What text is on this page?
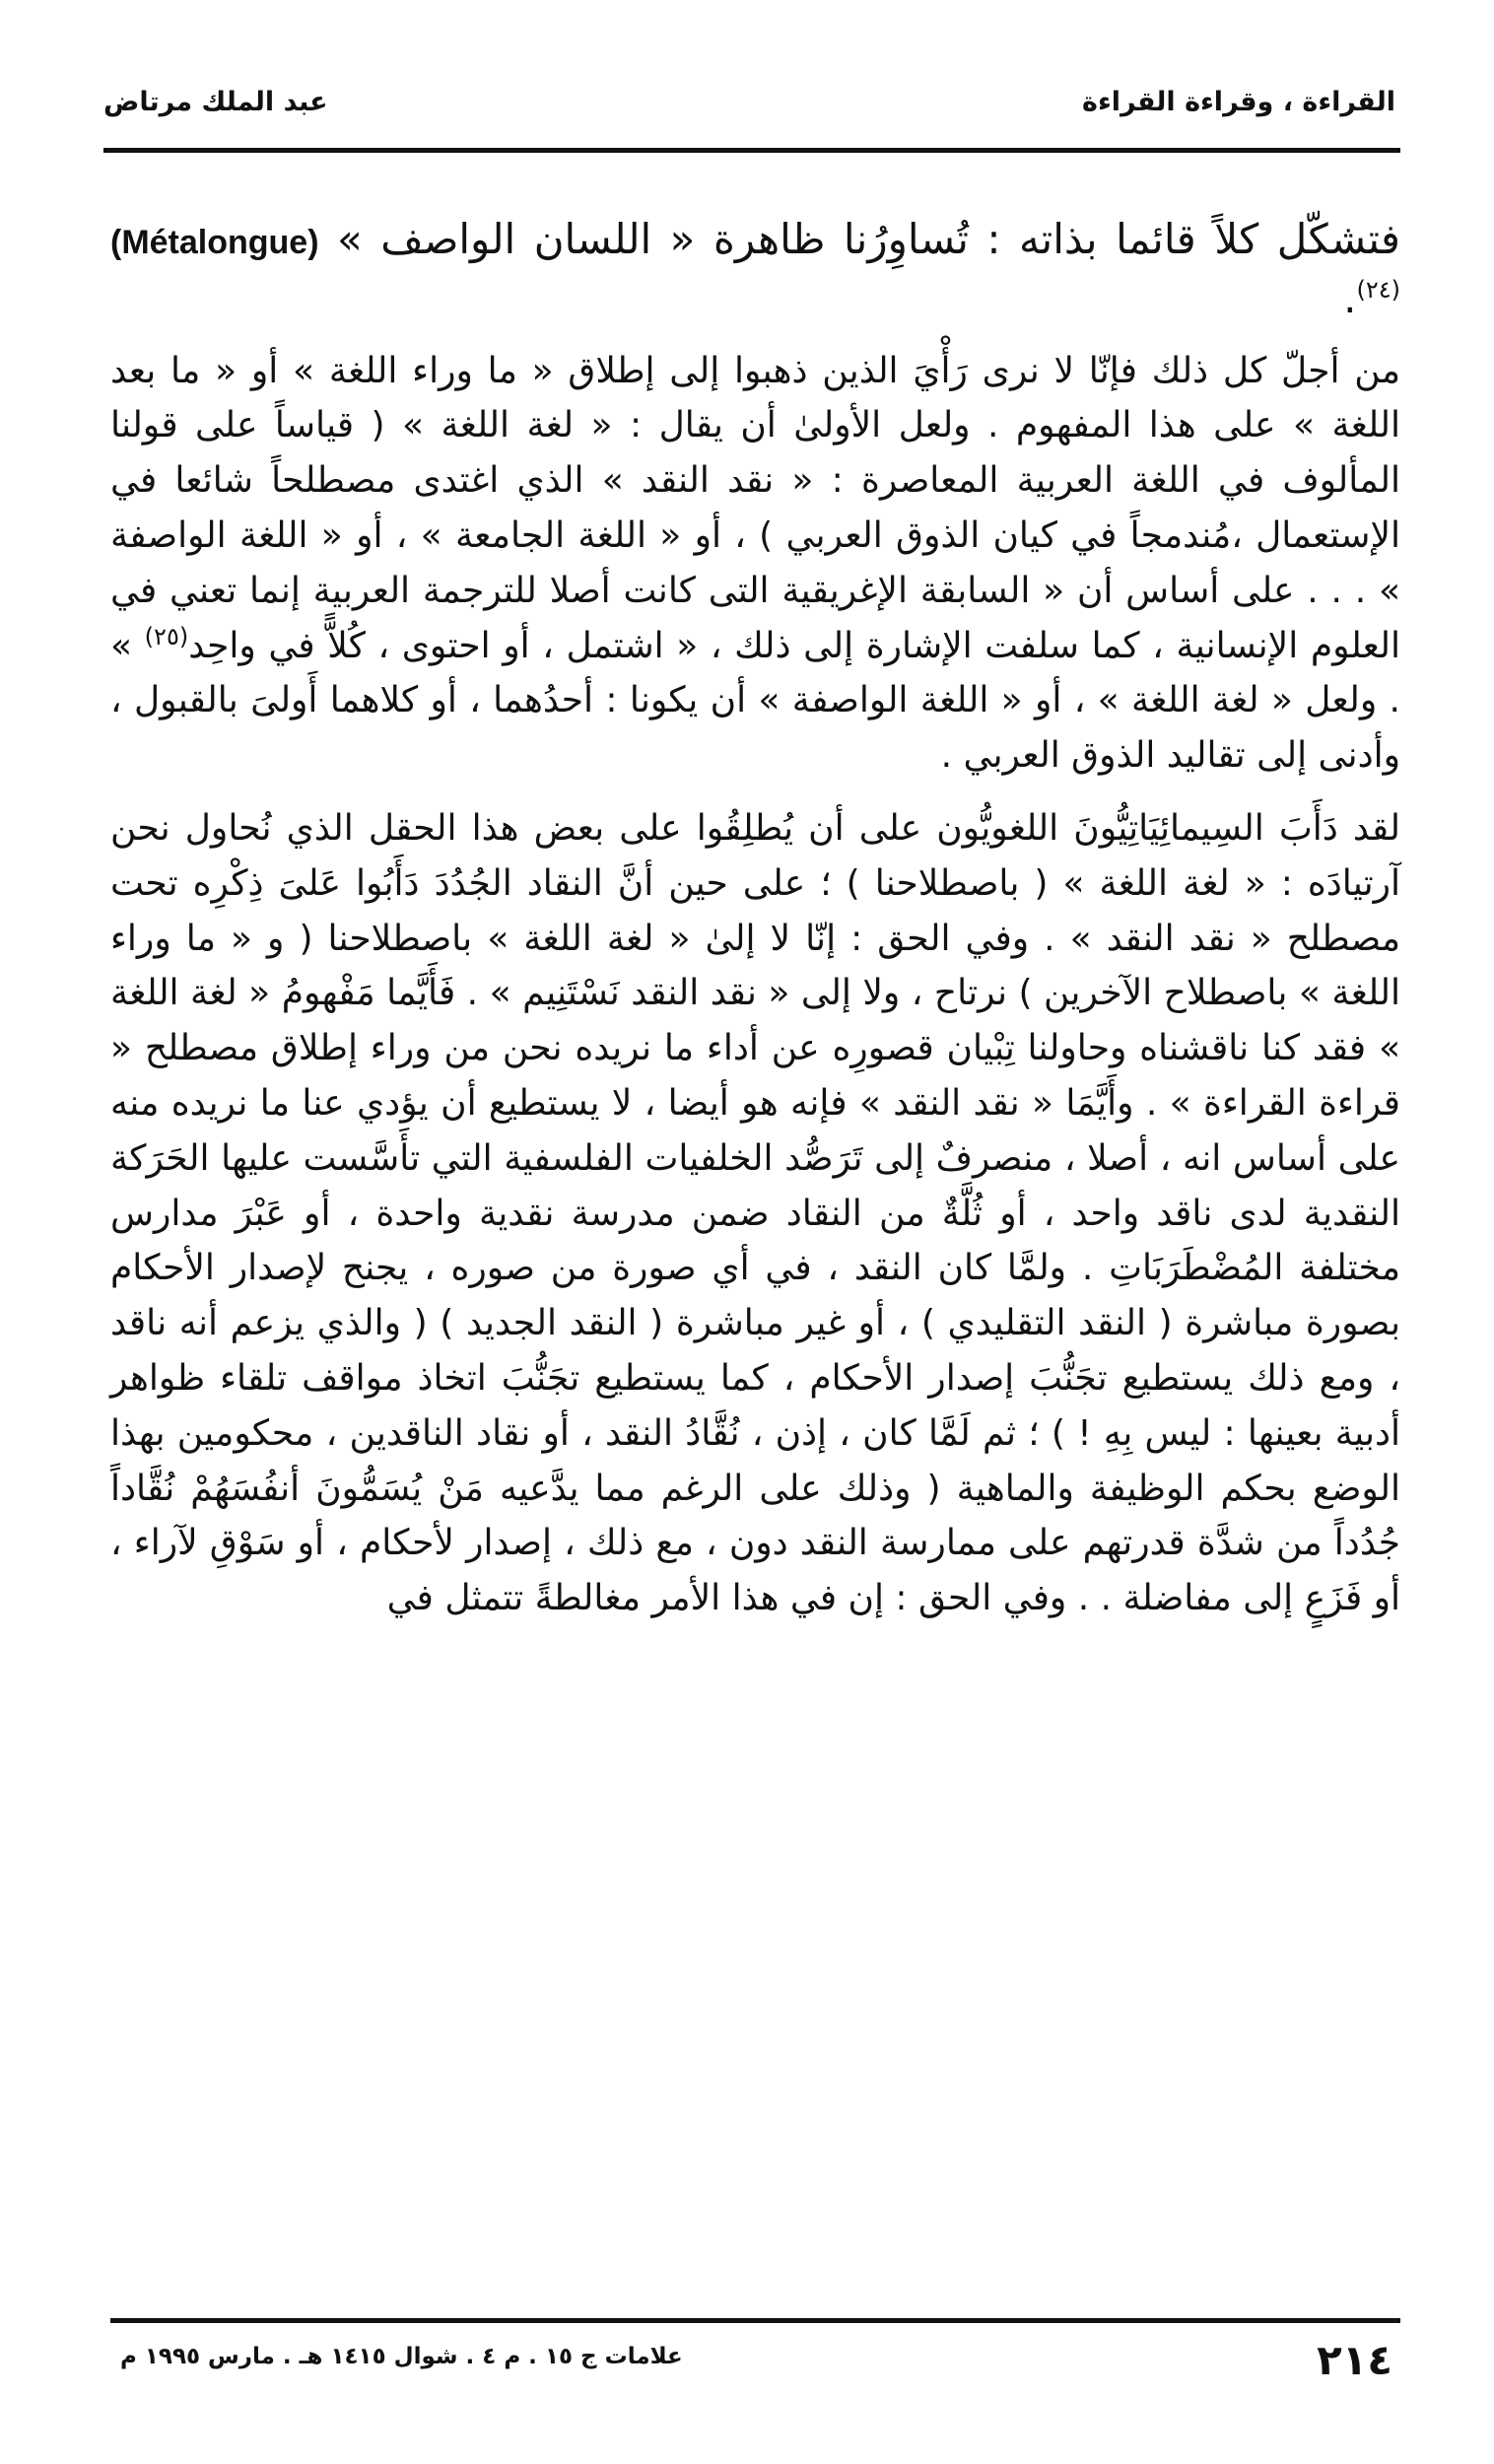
القراءة ، وقراءة القراءة
عبد الملك مرتاض

فتشكّل كلاً قائما بذاته : تُساوِرُنا ظاهرة « اللسان الواصف » (Métalongue) $^{(٢٤)}$.

من أجلّ كل ذلك فإنّا لا نرى رَأْيَ الذين ذهبوا إلى إطلاق « ما وراء اللغة » أو « ما بعد اللغة » على هذا المفهوم . ولعل الأولىٰ أن يقال : « لغة اللغة » ( قياساً على قولنا المألوف في اللغة العربية المعاصرة : « نقد النقد » الذي اغتدى مصطلحاً شائعا في الإستعمال ،مُندمجاً في كيان الذوق العربي ) ، أو « اللغة الجامعة » ، أو « اللغة الواصفة » . . . على أساس أن « السابقة الإغريقية التى كانت أصلا للترجمة العربية إنما تعني في العلوم الإنسانية ، كما سلفت الإشارة إلى ذلك ، « اشتمل ، أو احتوى ، كُلاًّ في واحِد$^{(٢٥)}$ » . ولعل « لغة اللغة » ، أو « اللغة الواصفة » أن يكونا : أحدُهما ، أو كلاهما أَولىَ بالقبول ، وأدنى إلى تقاليد الذوق العربي .

لقد دَأَبَ السِيمائِيَاتِيُّونَ اللغويُّون على أن يُطلِقُوا على بعض هذا الحقل الذي نُحاول نحن آرتيادَه : « لغة اللغة » ( باصطلاحنا ) ؛ على حين أنَّ النقاد الجُدُدَ دَأَبُوا عَلىَ ذِكْرِه تحت مصطلح « نقد النقد » . وفي الحق : إنّا لا إلىٰ « لغة اللغة » باصطلاحنا ( و « ما وراء اللغة » باصطلاح الآخرين ) نرتاح ، ولا إلى « نقد النقد نَسْتَنِيم » . فَأَيَّما مَفْهومُ « لغة اللغة » فقد كنا ناقشناه وحاولنا تِبْيان قصورِه عن أداء ما نريده نحن من وراء إطلاق مصطلح « قراءة القراءة » . وأَيَّمَا « نقد النقد » فإنه هو أيضا ، لا يستطيع أن يؤدي عنا ما نريده منه على أساس انه ، أصلا ، منصرفٌ إلى تَرَصُّد الخلفيات الفلسفية التي تأَسَّست عليها الحَرَكة النقدية لدى ناقد واحد ، أو ثُلَّةٌ من النقاد ضمن مدرسة نقدية واحدة ، أو عَبْرَ مدارس مختلفة المُضْطَرَبَاتِ . ولمَّا كان النقد ، في أي صورة من صوره ، يجنح لإصدار الأحكام بصورة مباشرة ( النقد التقليدي ) ، أو غير مباشرة ( النقد الجديد ) ( والذي يزعم أنه ناقد ، ومع ذلك يستطيع تجَنُّبَ إصدار الأحكام ، كما يستطيع تجَنُّبَ اتخاذ مواقف تلقاء ظواهر أدبية بعينها : ليس بِهِ ! ) ؛ ثم لَمَّا كان ، إذن ، نُقَّادُ النقد ، أو نقاد الناقدين ، محكومين بهذا الوضع بحكم الوظيفة والماهية ( وذلك على الرغم مما يدَّعيه مَنْ يُسَمُّونَ أنفُسَهُمْ نُقَّاداً جُدُداً من شدَّة قدرتهم على ممارسة النقد دون ، مع ذلك ، إصدار لأحكام ، أو سَوْقِ لآراء ، أو فَزَعٍ إلى مفاضلة . . وفي الحق : إن في هذا الأمر مغالطةً تتمثل في

٢١٤
علامات ج ١٥ . م ٤ . شوال ١٤١٥ هـ . مارس ١٩٩٥ م
